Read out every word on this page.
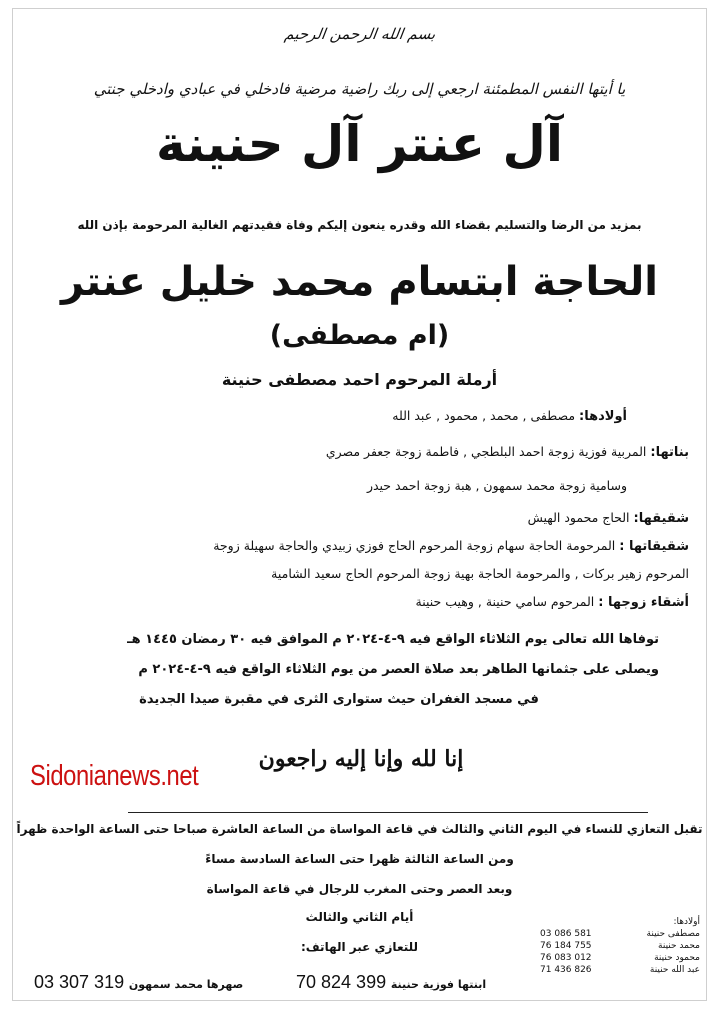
بسم الله الرحمن الرحيم
يا أيتها النفس المطمئنة ارجعي إلى ربك راضية مرضية فادخلي في عبادي وادخلي جنتي
آل عنتر آل حنينة
بمزيد من الرضا والتسليم بقضاء الله وقدره ينعون إليكم وفاة فقيدتهم الغالية المرحومة بإذن الله
الحاجة ابتسام محمد خليل عنتر
(ام مصطفى)
أرملة المرحوم احمد مصطفى حنينة
أولادها: مصطفى , محمد , محمود , عبد الله
بناتها: المربية فوزية زوجة احمد البلطجي , فاطمة زوجة جعفر مصري
وسامية زوجة محمد سمهون , هبة زوجة احمد حيدر
شقيقها: الحاج محمود الهيش
شقيقاتها : المرحومة الحاجة سهام زوجة المرحوم الحاج فوزي زبيدي والحاجة سهيلة زوجة
المرحوم زهير بركات , والمرحومة الحاجة بهية زوجة المرحوم الحاج سعيد الشامية
أشقاء زوجها : المرحوم سامي حنينة , وهيب حنينة
توفاها الله تعالى يوم الثلاثاء الواقع فيه ٩-٤-٢٠٢٤ م الموافق فيه ٣٠ رمضان ١٤٤٥ هـ
ويصلى على جثمانها الطاهر بعد صلاة العصر من يوم الثلاثاء الواقع فيه ٩-٤-٢٠٢٤ م
في مسجد الغفران حيث ستوارى الثرى في مقبرة صيدا الجديدة
إنا لله وإنا إليه راجعون
Sidonianews.net
تقبل التعازي للنساء في اليوم الثاني والثالث في قاعة المواساة من الساعة العاشرة صباحا حتى الساعة الواحدة ظهراً
ومن الساعة الثالثة ظهرا حتى الساعة السادسة مساءً
وبعد العصر وحتى المغرب للرجال في قاعة المواساة
أيام الثاني والثالث
للتعازي عبر الهاتف:
أولادها:
03 086 581	مصطفى حنينة
76 184 755	محمد حنينة
76 083 012	محمود حنينة
71 436 826	عبد الله حنينة
70 824 399 ابنتها فوزية حنينة
03 307 319 صهرها محمد سمهون
